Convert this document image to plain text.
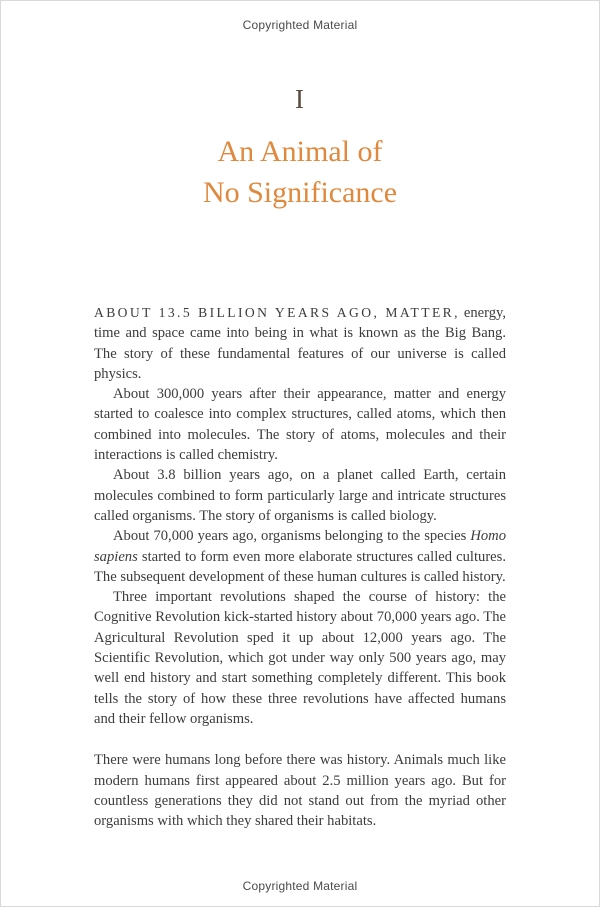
Copyrighted Material
I
An Animal of
No Significance

ABOUT 13.5 BILLION YEARS AGO, MATTER, energy, time and space came into being in what is known as the Big Bang. The story of these fundamental features of our universe is called physics.

About 300,000 years after their appearance, matter and energy started to coalesce into complex structures, called atoms, which then combined into molecules. The story of atoms, molecules and their interactions is called chemistry.

About 3.8 billion years ago, on a planet called Earth, certain molecules combined to form particularly large and intricate structures called organisms. The story of organisms is called biology.

About 70,000 years ago, organisms belonging to the species Homo sapiens started to form even more elaborate structures called cultures. The subsequent development of these human cultures is called history.

Three important revolutions shaped the course of history: the Cognitive Revolution kick-started history about 70,000 years ago. The Agricultural Revolution sped it up about 12,000 years ago. The Scientific Revolution, which got under way only 500 years ago, may well end history and start something completely different. This book tells the story of how these three revolutions have affected humans and their fellow organisms.

There were humans long before there was history. Animals much like modern humans first appeared about 2.5 million years ago. But for countless generations they did not stand out from the myriad other organisms with which they shared their habitats.

Copyrighted Material
